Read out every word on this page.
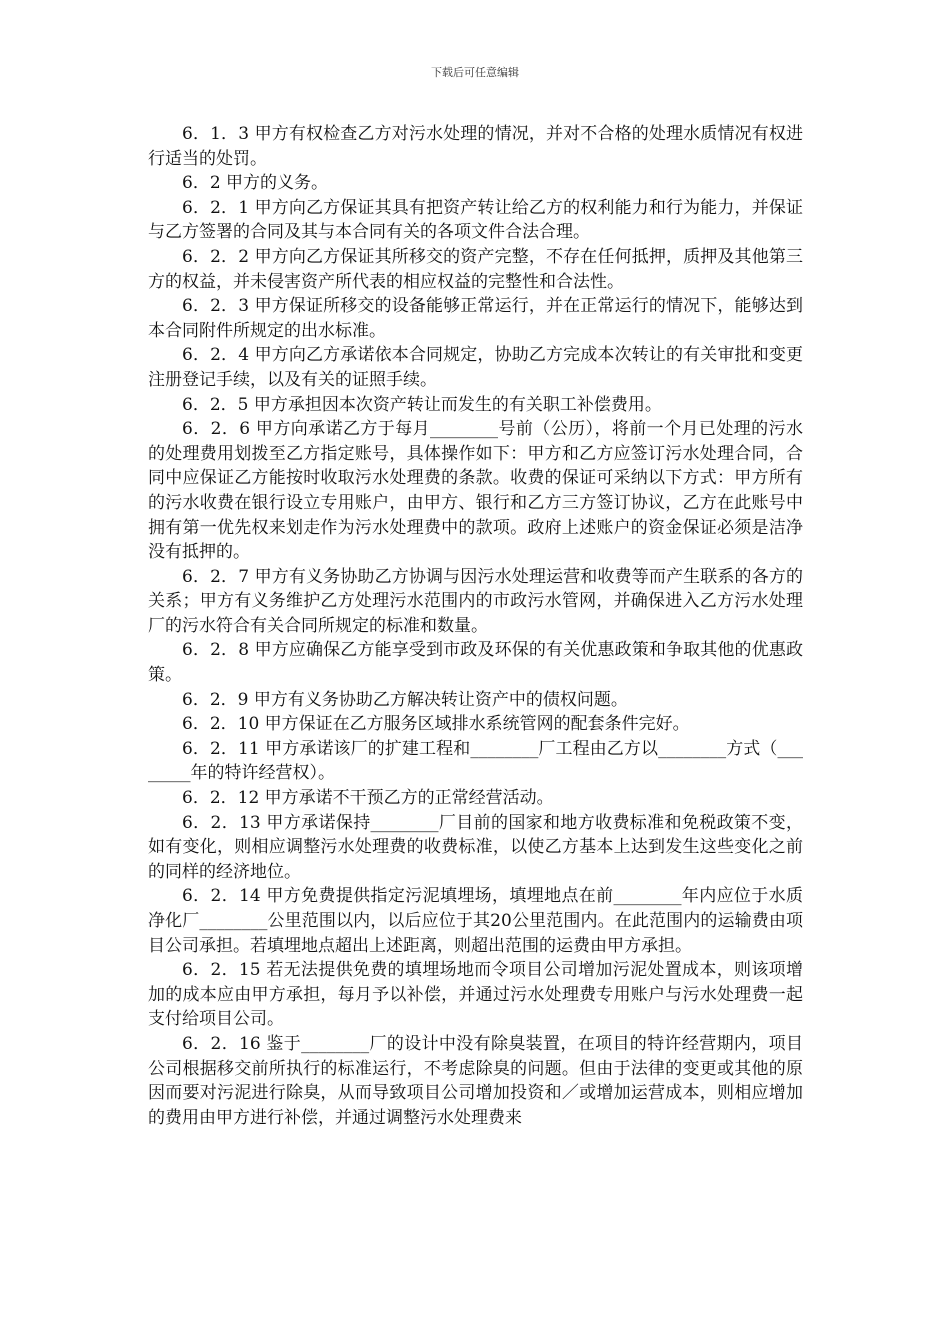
下载后可任意编辑

6．1．3 甲方有权检查乙方对污水处理的情况，并对不合格的处理水质情况有权进行适当的处罚。

6．2 甲方的义务。

6．2．1 甲方向乙方保证其具有把资产转让给乙方的权利能力和行为能力，并保证与乙方签署的合同及其与本合同有关的各项文件合法合理。

6．2．2 甲方向乙方保证其所移交的资产完整，不存在任何抵押，质押及其他第三方的权益，并未侵害资产所代表的相应权益的完整性和合法性。

6．2．3 甲方保证所移交的设备能够正常运行，并在正常运行的情况下，能够达到本合同附件所规定的出水标准。

6．2．4 甲方向乙方承诺依本合同规定，协助乙方完成本次转让的有关审批和变更注册登记手续，以及有关的证照手续。

6．2．5 甲方承担因本次资产转让而发生的有关职工补偿费用。

6．2．6 甲方向承诺乙方于每月________号前（公历），将前一个月已处理的污水的处理费用划拨至乙方指定账号，具体操作如下：甲方和乙方应签订污水处理合同，合同中应保证乙方能按时收取污水处理费的条款。收费的保证可采纳以下方式：甲方所有的污水收费在银行设立专用账户，由甲方、银行和乙方三方签订协议，乙方在此账号中拥有第一优先权来划走作为污水处理费中的款项。政府上述账户的资金保证必须是洁净没有抵押的。

6．2．7 甲方有义务协助乙方协调与因污水处理运营和收费等而产生联系的各方的关系；甲方有义务维护乙方处理污水范围内的市政污水管网，并确保进入乙方污水处理厂的污水符合有关合同所规定的标准和数量。

6．2．8 甲方应确保乙方能享受到市政及环保的有关优惠政策和争取其他的优惠政策。

6．2．9 甲方有义务协助乙方解决转让资产中的债权问题。

6．2．10 甲方保证在乙方服务区域排水系统管网的配套条件完好。

6．2．11 甲方承诺该厂的扩建工程和________厂工程由乙方以________方式（________年的特许经营权）。

6．2．12 甲方承诺不干预乙方的正常经营活动。

6．2．13 甲方承诺保持________厂目前的国家和地方收费标准和免税政策不变，如有变化，则相应调整污水处理费的收费标准，以使乙方基本上达到发生这些变化之前的同样的经济地位。

6．2．14 甲方免费提供指定污泥填埋场，填埋地点在前________年内应位于水质净化厂________公里范围以内，以后应位于其20公里范围内。在此范围内的运输费由项目公司承担。若填埋地点超出上述距离，则超出范围的运费由甲方承担。

6．2．15 若无法提供免费的填埋场地而令项目公司增加污泥处置成本，则该项增加的成本应由甲方承担，每月予以补偿，并通过污水处理费专用账户与污水处理费一起支付给项目公司。

6．2．16 鉴于________厂的设计中没有除臭装置，在项目的特许经营期内，项目公司根据移交前所执行的标准运行，不考虑除臭的问题。但由于法律的变更或其他的原因而要对污泥进行除臭，从而导致项目公司增加投资和／或增加运营成本，则相应增加的费用由甲方进行补偿，并通过调整污水处理费来
